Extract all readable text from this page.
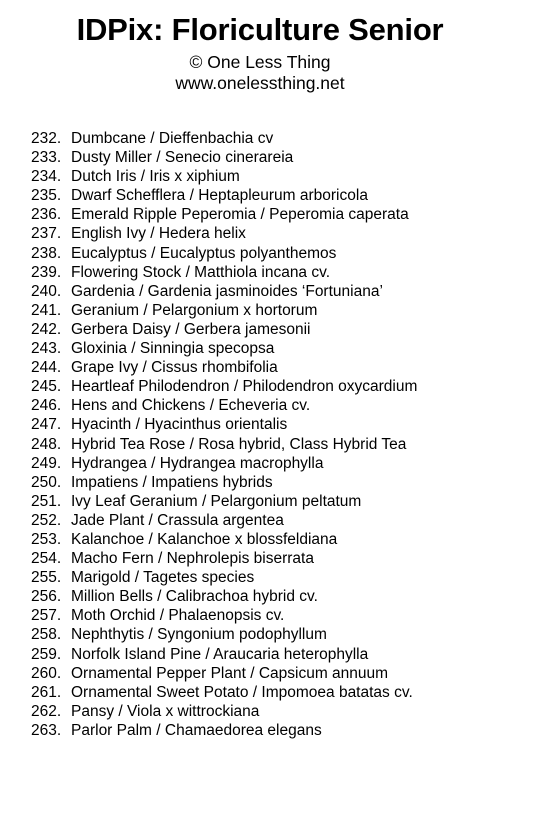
IDPix: Floriculture Senior

© One Less Thing

www.onelessthing.net

232. Dumbcane / Dieffenbachia cv
233. Dusty Miller / Senecio cinerareia
234. Dutch Iris / Iris x xiphium
235. Dwarf Schefflera / Heptapleurum arboricola
236. Emerald Ripple Peperomia / Peperomia caperata
237. English Ivy / Hedera helix
238. Eucalyptus / Eucalyptus polyanthemos
239. Flowering Stock / Matthiola incana cv.
240. Gardenia / Gardenia jasminoides ‘Fortuniana’
241. Geranium / Pelargonium x hortorum
242. Gerbera Daisy / Gerbera jamesonii
243. Gloxinia / Sinningia specopsa
244. Grape Ivy / Cissus rhombifolia
245. Heartleaf Philodendron / Philodendron oxycardium
246. Hens and Chickens / Echeveria cv.
247. Hyacinth / Hyacinthus orientalis
248. Hybrid Tea Rose / Rosa hybrid, Class Hybrid Tea
249. Hydrangea / Hydrangea macrophylla
250. Impatiens / Impatiens hybrids
251. Ivy Leaf Geranium / Pelargonium peltatum
252. Jade Plant / Crassula argentea
253. Kalanchoe / Kalanchoe x blossfeldiana
254. Macho Fern / Nephrolepis biserrata
255. Marigold / Tagetes species
256. Million Bells / Calibrachoa hybrid cv.
257. Moth Orchid / Phalaenopsis cv.
258. Nephthytis / Syngonium podophyllum
259. Norfolk Island Pine / Araucaria heterophylla
260. Ornamental Pepper Plant / Capsicum annuum
261. Ornamental Sweet Potato / Impomoea batatas cv.
262. Pansy / Viola x wittrockiana
263. Parlor Palm / Chamaedorea elegans
